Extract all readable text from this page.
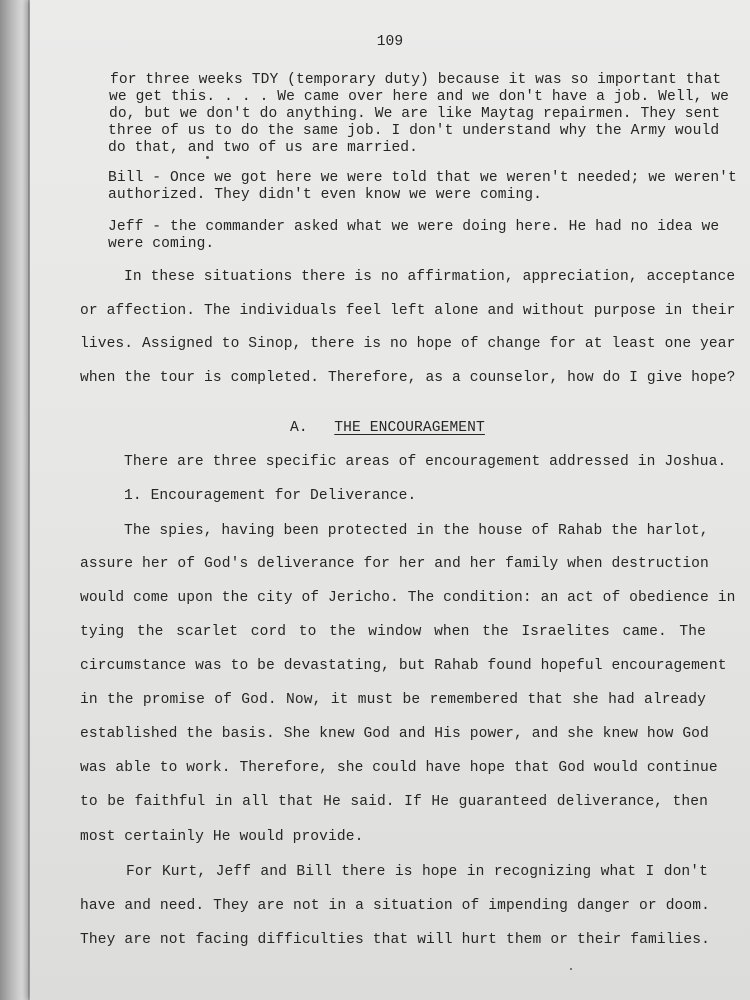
109
for three weeks TDY (temporary duty) because it was so important that
we get this. . . . We came over here and we don't have a job. Well, we
do, but we don't do anything. We are like Maytag repairmen. They sent
three of us to do the same job. I don't understand why the Army would
do that, and two of us are married.
Bill - Once we got here we were told that we weren't needed; we weren't
authorized. They didn't even know we were coming.
Jeff - the commander asked what we were doing here. He had no idea we
were coming.
In these situations there is no affirmation, appreciation, acceptance
or affection. The individuals feel left alone and without purpose in their
lives. Assigned to Sinop, there is no hope of change for at least one year
when the tour is completed. Therefore, as a counselor, how do I give hope?
A. THE ENCOURAGEMENT
There are three specific areas of encouragement addressed in Joshua.
1. Encouragement for Deliverance.
The spies, having been protected in the house of Rahab the harlot,
assure her of God's deliverance for her and her family when destruction
would come upon the city of Jericho. The condition: an act of obedience in
tying the scarlet cord to the window when the Israelites came. The
circumstance was to be devastating, but Rahab found hopeful encouragement
in the promise of God. Now, it must be remembered that she had already
established the basis. She knew God and His power, and she knew how God
was able to work. Therefore, she could have hope that God would continue
to be faithful in all that He said. If He guaranteed deliverance, then
most certainly He would provide.
For Kurt, Jeff and Bill there is hope in recognizing what I don't
have and need. They are not in a situation of impending danger or doom.
They are not facing difficulties that will hurt them or their families.
